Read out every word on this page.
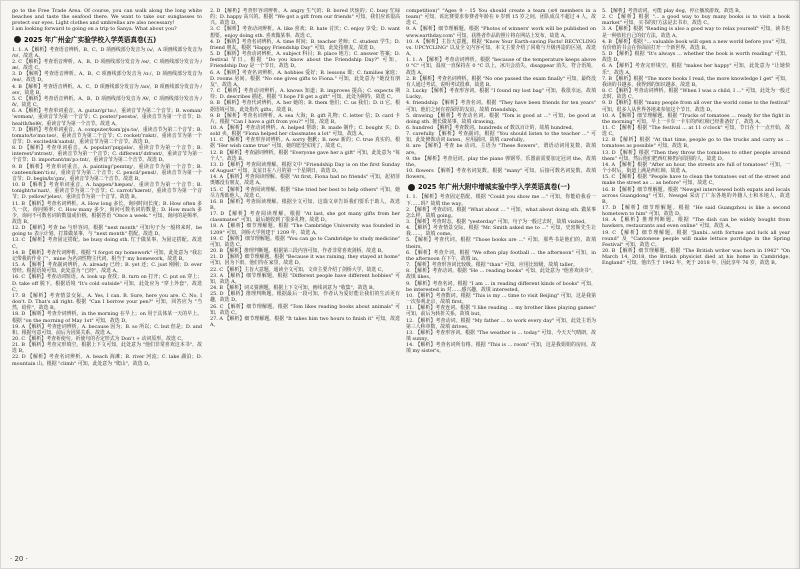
go to the Free Trade Area. Of course, you can walk along the long white beaches and taste the seafood there. We want to take our sunglasses to protect our eyes. Light clothes and umbrellas are also necessary!

I am looking forward to going on a trip to Sanya. What about you?

2025 年广州金广实验学校入学英语真卷(五)

1. 1. A 【解析】考查语音辨析。B、C、D 项画线部分发音为 /ʌ/，A 项画线部分发音为 /ʊ/，故选 A。

2. C 【解析】考查语音辨析。A、B、D 项画线部分发音为 /eɪ/，C 项画线部分发音为 /æ/，故选 C。

3. D 【解析】考查语音辨析。A、B、C 项画线部分发音为 /ɑː/，D 项画线部分发音为 /eə/，故选 D。

4. B 【解析】考查语音辨析。A、C、D 项画线部分发音为 /aʊ/，B 项画线部分发音为 /əʊ/，故选 B。

5. C 【解析】考查语音辨析。A、B、D 项画线部分发音为 /θ/，C 项画线部分发音为 /ð/，故选 C。

6. A 【解析】考查单词重音。A. guitar/ɡɪˈtɑː/，重读音节为第二个音节；B. woman/ˈwʊmən/，重读音节为第一个音节；C. poster/ˈpəʊstə/，重读音节为第一个音节；D. health/helθ/，重读音节为第一个音节。故选 A。

7. D 【解析】考查单词重音。A. computer/kəmˈpjuːtə/，重读音节为第二个音节；B. tomato/təˈmɑːtəʊ/，重读音节为第二个音节；C. rocket/ˈrɒkɪt/，重读音节为第一个音节；D. excited/ɪkˈsaɪtɪd/，重读音节为第二个音节。故选 D。

8. D 【解析】考查单词重音。A. popular/ˈpɒpjələ/，重读音节为第一个音节；B. interest/ˈɪntrəst/，重读音节为第一个音节；C. different/ˈdɪfrənt/，重读音节为第一个音节；D. important/ɪmˈpɔːtnt/，重读音节为第二个音节。故选 D。

9. B 【解析】考查单词重音。A. painting/ˈpeɪntɪŋ/，重读音节为第一个音节；B. canteen/kænˈtiːn/，重读音节为第二个音节；C. pencil/ˈpensl/，重读音节为第一个音节；D. begin/bɪˈɡɪn/，重读音节为第二个音节。故选 B。

10. B 【解析】考查单词重音。A. happen/ˈhæpən/，重读音节为第一个音节；B. tonight/təˈnaɪt/，重读音节为第二个音节；C. carrot/ˈkærət/，重读音节为第一个音节；D. yellow/ˈjeləʊ/，重读音节为第一个音节。故选 B。

11. B 【解析】考查名词辨析。A. How long 多长，询问时间长度；B. How often 多久一次，询问频率；C. How many 多少，询问可数名词的数量；D. How much 多少，询问不可数名词的数量或价格。根据答语 "Once a week." 可知，询问的是频率，故选 B。

12. D 【解析】考查 be 与形容词。根据 "next month" 可知句子为一般将来时，be going to 表示计划、打算做某事，与 "next month" 搭配。故选 D。

13. C 【解析】考查固定搭配。be busy doing sth. 忙于做某事，为固定搭配。故选 C。

14. B 【解析】考查代词辨析。根据 "I forgot my homework" 可知，此处意为 "我忘记带我的作业了"，mine 为名词性物主代词，相当于 my homework。故选 B。

15. A 【解析】考查副词辨析。A. already 已经；B. yet 还；C. just 刚刚；D. ever 曾经。根据语境可知，此处意为 "已经"，故选 A。

16. C 【解析】考查动词短语。A. look up 查找；B. turn on 打开；C. put on 穿上；D. take off 脱下。根据语境 "It's cold outside" 可知，此处应为 "穿上外套"，故选 C。

17. B 【解析】考查情景交际。A. Yes, I can. B. Sure, here you are. C. No, I don't. D. That's all right. 根据 "Can I borrow your pen?" 可知，回答应为 "当然，给你"，故选 B。

18. D 【解析】考查介词辨析。in the morning 在早上；on 用于具体某一天的早上。根据 "on the morning of May 1st" 可知，故选 D。

19. A 【解析】考查连词辨析。A. because 因为；B. so 所以；C. but 但是；D. and 和。根据句意可知，前后为因果关系，故选 A。

20. C 【解析】考查祈使句。祈使句的否定形式为 Don't + 动词原形。故选 C。

21. B 【解析】考查完形填空。根据上下文可知，此处意为 "他们非常喜欢这本书"，故选 B。

22. D 【解析】考查名词辨析。A. beach 海滩；B. river 河流；C. lake 湖泊；D. mountain 山。根据 "climb" 可知，此处意为 "爬山"，故选 D。

2. D 【解析】考查形容词辨析。A. angry 生气的；B. bored 厌烦的；C. busy 忙碌的；D. happy 高兴的。根据 "We got a gift from our friends" 可知，我们应该很高兴。故选 D。

3. C 【解析】考查动词辨析。A. like 喜欢；B. hate 讨厌；C. enjoy 享受；D. want 想要。enjoy doing sth. 喜欢做某事，故选 C。

4. D 【解析】考查名词辨析。A. time 时间；B. teacher 老师；C. student 学生；D. friend 朋友。根据 "Happy Friendship Day" 可知，此处指朋友。故选 D。

5. D 【解析】考查动词辨析。A. subject 科目；B. place 地方；C. answer 答案；D. festival 节日。根据 "Do you know about the Friendship Day?" 可知，Friendship Day 是一个节日，故选 D。

6. A 【解析】考查名词辨析。A. hobbies 爱好；B. lessons 课；C. families 家庭；D. rooms 房间。根据 "No one gives gifts to Fiona." 可知，此处意为 "她没有朋友"，故选 A。

7. C 【解析】考查动词辨析。A. knows 知道；B. improves 提高；C. expects 期待；D. describes 描述。根据 "I hope I'll get a gift" 可知，此处为期待，故选 C。

8. B 【解析】考查代词辨析。A. her 她的；B. them 他们；C. us 我们；D. it 它。根据语境可知，此处指代 gifts，故选 B。

9. B 【解析】考查名词辨析。A. sea 大海；B. gift 礼物；C. letter 信；D. card 卡片。根据 "Can I have a gift from you?" 可知，故选 B。

10. A 【解析】考查动词辨析。A. helped 帮助；B. made 制作；C. bought 买；D. sold 卖。根据 "Fiona helped her classmates a lot" 可知，故选 A。

11. C 【解析】考查形容词辨析。A. sorry 抱歉；B. new 新的；C. true 真实的。根据 "Her wish came true" 可知，她的愿望实现了，故选 C。

12. B 【解析】考查副词辨析。根据 "Everyone gave her a gift" 可知，此处意为 "每个人"，故选 B。

13. D 【解析】考查阅读理解。根据文中 "Friendship Day is on the first Sunday of August" 可知，友谊日在八月的第一个星期日，故选 D。

14. A 【解析】考查阅读理解。根据 "At first, Fiona had no friends" 可知，起初菲奥娜没有朋友，故选 A。

15. C 【解析】考查阅读理解。根据 "She tried her best to help others" 可知，她尽力帮助他人，故选 C。

16. B 【解析】考查阅读理解。根据全文可知，这篇文章告诉我们要乐于助人，故选 B。

17. D 【解析】考查阅读理解。根据 "At last, she got many gifts from her classmates" 可知，最后她收到了很多礼物，故选 D。

18. A 【解析】细节理解题。根据 "The Cambridge University was founded in 1209" 可知，剑桥大学创建于 1209 年，故选 A。

19. C 【解析】细节理解题。根据 "You can go to Cambridge to study medicine" 可知，故选 C。

20. B 【解析】推理判断题。根据第三段内容可知，作者非常喜欢剑桥，故选 B。

21. D 【解析】细节理解题。根据 "Because it was raining, they stayed at home" 可知，因为下雨，他们待在家里，故选 D。

22. C 【解析】主旨大意题。通读全文可知，文章主要介绍了剑桥大学，故选 C。

23. A 【解析】细节理解题。根据 "Different people have different hobbies" 可知，故选 A。

24. B 【解析】词义猜测题。根据上下文可知，画线词意为 "收集"，故选 B。

25. D 【解析】推理判断题。根据最后一段可知，作者认为爱好能让我们的生活更有趣，故选 D。

26. C 【解析】细节理解题。根据 "Tom likes reading books about animals" 可知，故选 C。

27. A 【解析】细节理解题。根据 "It takes him two hours to finish it" 可知，故选 A。

competition)" "Ages 9 - 15 You should create a team (≤4 members in a team)" 可知，该比赛要求参赛者年龄在 9 岁到 15 岁之间，团队成员不超过 4 人，故选 C。

9. A 【解析】细节理解题。根据 "Photos of winners' work will be published on www.earthday.com" 可知，获胜者作品的照片将在网站上发布，故选 A。

10. A 【解析】主旨大意题。根据 "Know Your Earth-saving Facts! RECYCLING vs. UPCYCLING" 以及全文内容可知，本文主要介绍了回收与升级再造的区别，故选 A。

1. 1. A 【解析】考查动词辨析。根据 "because of the temperature keeps above 0 °C" 可知，温度一直保持在 0 °C 以上，冰川会消失。disappear 消失，符合语境，故选 A。

2. B 【解析】考查名词辨析。根据 "No one passed the exam finally" 可知，最终没有人通过考试，说明考试很难，故选 B。

3. Lucky 【解析】考查形容词。根据 "I found my lost bag" 可知，我很幸运，故填 Lucky。

4. friendship 【解析】考查名词。根据 "They have been friends for ten years" 可知，他们之间有着深厚的友谊，故填 friendship。

5. drawing 【解析】考查动名词。根据 "Tom is good at ..." 可知，be good at doing sth. 擅长做某事，故填 drawing。

6. hundred 【解析】考查数词。hundreds of 数以百计的，故填 hundred。

7. carefully 【解析】考查副词。根据 "You should listen to the teacher ..." 可知，此处修饰动词 listen，应用副词，故填 carefully。

8. are 【解析】考查 be 动词。主语为 "These flowers"，谓语动词用复数，故填 are。

9. the 【解析】考查冠词。play the piano 弹钢琴，乐器前需要加定冠词 the，故填 the。

10. flowers 【解析】考查名词复数。根据 "many" 可知，后接可数名词复数，故填 flowers。

2025 年广州大附中增城实验中学入学英语真卷(一)

1. 1. 【解析】考查固定搭配。根据 "Could you show me ..." 可知，你能给我看一下……吗？故填 the way。

2. 【解析】考查动词。根据 "What about ... " 可知，what about doing sth. 做某事怎么样，故填 going。

3. 【解析】考查时态。根据 "yesterday" 可知，句子为一般过去时，故填 visited。

4. 【解析】考查情景交际。根据 "Mr. Smith asked me to ..." 可知，史密斯先生让我……，故填 come。

5. 【解析】考查代词。根据 "Those books are ..." 可知，那些书是他们的，故填 theirs。

6. 【解析】考查介词。根据 "We often play football ... the afternoon" 可知，in the afternoon 在下午，故填 in。

7. 【解析】考查形容词比较级。根据 "than" 可知，应用比较级，故填 taller。

8. 【解析】考查动词。根据 "He ... reading books" 可知，此处意为 "他喜欢读书"，故填 likes。

9. 【解析】考查名词。根据 "I am ... in reading different kinds of books" 可知，be interested in 对……感兴趣，故填 interested。

10. 【解析】考查数词。根据 "This is my ... time to visit Beijing" 可知，这是我第一次参观北京，故填 first。

11. 【解析】考查连词。根据 "I like reading ... my brother likes playing games" 可知，前后为转折关系，故填 but。

12. 【解析】考查动词。根据 "My father ... to work every day" 可知，此处主语为第三人称单数，故填 drives。

13. 【解析】考查形容词。根据 "The weather is ... today" 可知，今天天气晴朗，故填 sunny。

14. 【解析】考查名词所有格。根据 "This is ... room" 可知，这是我姐姐的房间，故填 my sister's。

5. 【解析】考查动词。可能 play dog，停止播放游戏，故选 B。

2. C 【解析】根据 "... a good way to buy many books is to visit a book market" 可知，买书的好方法是去书市，故选 C。

3. A 【解析】根据 "Reading is also a good way to relax yourself" 可知，读书也是一种放松自己的好方法，故选 A。

4. B 【解析】根据 "... valuable book will open a new world before you" 可知，有价值的书会在你面前打开一个新世界，故选 B。

5. D 【解析】根据 "It's always ... whether the book is worth reading" 可知，故选 D。

6. A 【解析】考查完形填空。根据 "makes her happy" 可知，此处意为 "让她快乐"，故选 A。

7. B 【解析】根据 "The more books I read, the more knowledge I get" 可知，我读的书越多，我得到的知识越多，故选 B。

8. C 【解析】考查动词辨析。根据 "When I was a child, I ..." 可知，此处为一般过去时，故选 C。

9. D 【解析】根据 "many people from all over the world come to the festival" 可知，很多人从世界各地来参加这个节日，故选 D。

10. A 【解析】细节理解题。根据 "Trucks of tomatoes ... ready for the fight in the morning" 可知，早上一卡车一卡车的西红柿已经准备好了，故选 A。

11. C 【解析】根据 "The festival ... at 11 o'clock" 可知，节日在十一点开始，故选 C。

12. B 【解析】根据 "At that time, people go to the trucks and carry as ... tomatoes as possible" 可知，故选 B。

13. D 【解析】根据 "Then they throw the tomatoes to other people around them" 可知，然后他们把西红柿扔向周围的人，故选 D。

14. A 【解析】根据 "After an hour, the streets are full of tomatoes" 可知，一个小时后，街道上满是西红柿，故选 A。

15. C 【解析】根据 "People have to clean the tomatoes out of the street and make the street as ... as before" 可知，故选 C。

16. B 【解析】细节理解题。根据 "Newgel interviewed both expats and locals across Guangdong" 可知，Newgel 采访了广东各地的外籍人士和本地人，故选 B。

17. D 【解析】细节理解题。根据 "He said Guangzhou is like a second hometown to him" 可知，故选 D。

18. A 【解析】推理判断题。根据 "The dish can be widely bought from hawkers, restaurants and even online" 可知，故选 A。

19. C 【解析】细节理解题。根据 "Jianbi...with fortune and luck all year round" 及 "Cantonese people will make lettuce porridge in the Spring Festival" 可知，故选 C。

20. B 【解析】细节理解题。根据 "The British writer was born in 1942" "On March 14, 2018, the British physicist died at his home in Cambridge, England" 可知，他出生于 1942 年，死于 2018 年，因此享年 76 岁，故选 B。

· 20 ·
